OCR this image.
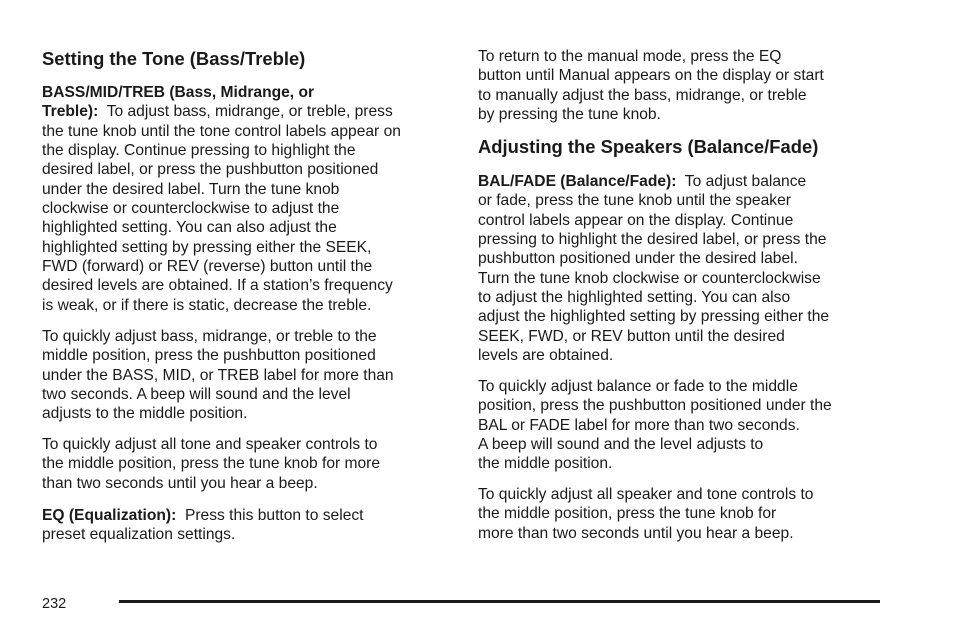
Setting the Tone (Bass/Treble)

BASS/MID/TREB (Bass, Midrange, or
Treble):  To adjust bass, midrange, or treble, press
the tune knob until the tone control labels appear on
the display. Continue pressing to highlight the
desired label, or press the pushbutton positioned
under the desired label. Turn the tune knob
clockwise or counterclockwise to adjust the
highlighted setting. You can also adjust the
highlighted setting by pressing either the SEEK,
FWD (forward) or REV (reverse) button until the
desired levels are obtained. If a station’s frequency
is weak, or if there is static, decrease the treble.

To quickly adjust bass, midrange, or treble to the
middle position, press the pushbutton positioned
under the BASS, MID, or TREB label for more than
two seconds. A beep will sound and the level
adjusts to the middle position.

To quickly adjust all tone and speaker controls to
the middle position, press the tune knob for more
than two seconds until you hear a beep.

EQ (Equalization):  Press this button to select
preset equalization settings.

To return to the manual mode, press the EQ
button until Manual appears on the display or start
to manually adjust the bass, midrange, or treble
by pressing the tune knob.

Adjusting the Speakers (Balance/Fade)

BAL/FADE (Balance/Fade):  To adjust balance
or fade, press the tune knob until the speaker
control labels appear on the display. Continue
pressing to highlight the desired label, or press the
pushbutton positioned under the desired label.
Turn the tune knob clockwise or counterclockwise
to adjust the highlighted setting. You can also
adjust the highlighted setting by pressing either the
SEEK, FWD, or REV button until the desired
levels are obtained.

To quickly adjust balance or fade to the middle
position, press the pushbutton positioned under the
BAL or FADE label for more than two seconds.
A beep will sound and the level adjusts to
the middle position.

To quickly adjust all speaker and tone controls to
the middle position, press the tune knob for
more than two seconds until you hear a beep.

232
